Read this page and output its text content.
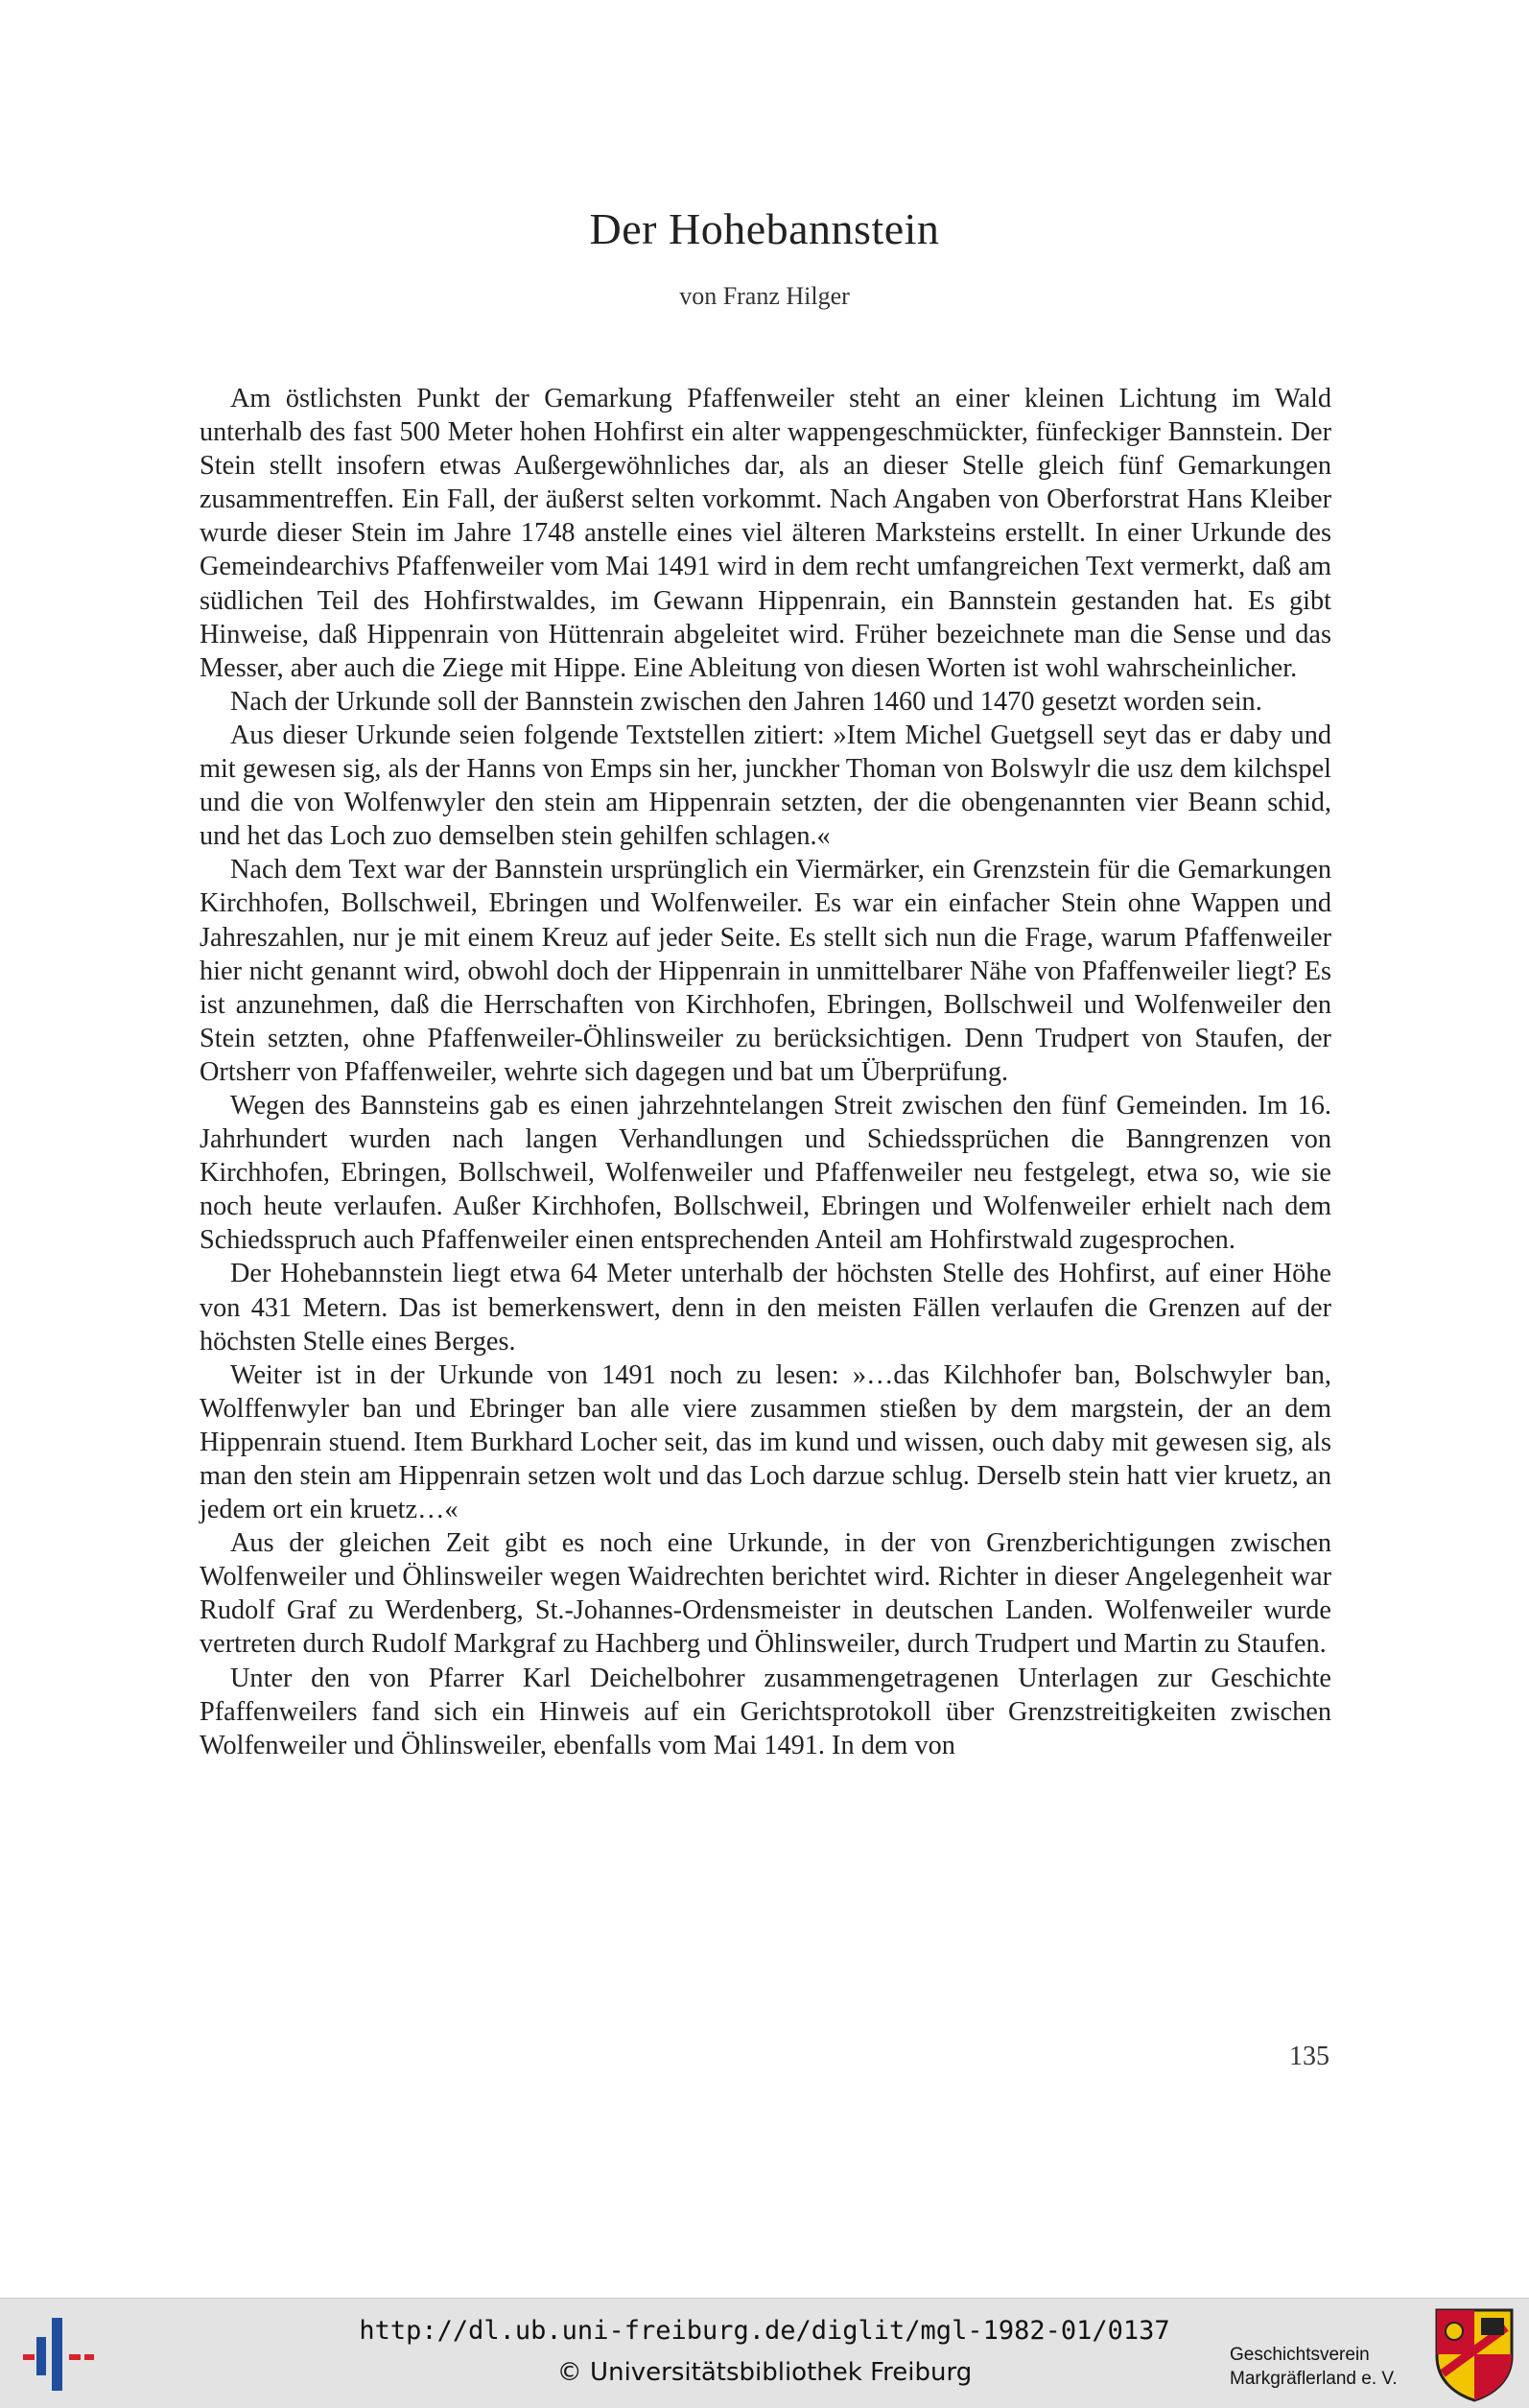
Der Hohebannstein
von Franz Hilger

Am östlichsten Punkt der Gemarkung Pfaffenweiler steht an einer kleinen Lichtung im Wald unterhalb des fast 500 Meter hohen Hohfirst ein alter wappengeschmückter, fünfeckiger Bannstein. Der Stein stellt insofern etwas Außergewöhnliches dar, als an dieser Stelle gleich fünf Gemarkungen zusammentreffen. Ein Fall, der äußerst selten vorkommt. Nach Angaben von Oberforstrat Hans Kleiber wurde dieser Stein im Jahre 1748 anstelle eines viel älteren Marksteins erstellt. In einer Urkunde des Gemeindearchivs Pfaffenweiler vom Mai 1491 wird in dem recht umfangreichen Text vermerkt, daß am südlichen Teil des Hohfirstwaldes, im Gewann Hippenrain, ein Bannstein gestanden hat. Es gibt Hinweise, daß Hippenrain von Hüttenrain abgeleitet wird. Früher bezeichnete man die Sense und das Messer, aber auch die Ziege mit Hippe. Eine Ableitung von diesen Worten ist wohl wahrscheinlicher.

Nach der Urkunde soll der Bannstein zwischen den Jahren 1460 und 1470 gesetzt worden sein.

Aus dieser Urkunde seien folgende Textstellen zitiert: »Item Michel Guetgsell seyt das er daby und mit gewesen sig, als der Hanns von Emps sin her, junckher Thoman von Bolswylr die usz dem kilchspel und die von Wolfenwyler den stein am Hippenrain setzten, der die obengenannten vier Beann schid, und het das Loch zuo demselben stein gehilfen schlagen.«

Nach dem Text war der Bannstein ursprünglich ein Viermärker, ein Grenzstein für die Gemarkungen Kirchhofen, Bollschweil, Ebringen und Wolfenweiler. Es war ein einfacher Stein ohne Wappen und Jahreszahlen, nur je mit einem Kreuz auf jeder Seite. Es stellt sich nun die Frage, warum Pfaffenweiler hier nicht genannt wird, obwohl doch der Hippenrain in unmittelbarer Nähe von Pfaffenweiler liegt? Es ist anzunehmen, daß die Herrschaften von Kirchhofen, Ebringen, Bollschweil und Wolfenweiler den Stein setzten, ohne Pfaffenweiler-Öhlinsweiler zu berücksichtigen. Denn Trudpert von Staufen, der Ortsherr von Pfaffenweiler, wehrte sich dagegen und bat um Überprüfung.

Wegen des Bannsteins gab es einen jahrzehntelangen Streit zwischen den fünf Gemeinden. Im 16. Jahrhundert wurden nach langen Verhandlungen und Schiedssprüchen die Banngrenzen von Kirchhofen, Ebringen, Bollschweil, Wolfenweiler und Pfaffenweiler neu festgelegt, etwa so, wie sie noch heute verlaufen. Außer Kirchhofen, Bollschweil, Ebringen und Wolfenweiler erhielt nach dem Schiedsspruch auch Pfaffenweiler einen entsprechenden Anteil am Hohfirstwald zugesprochen.

Der Hohebannstein liegt etwa 64 Meter unterhalb der höchsten Stelle des Hohfirst, auf einer Höhe von 431 Metern. Das ist bemerkenswert, denn in den meisten Fällen verlaufen die Grenzen auf der höchsten Stelle eines Berges.

Weiter ist in der Urkunde von 1491 noch zu lesen: »…das Kilchhofer ban, Bolschwyler ban, Wolffenwyler ban und Ebringer ban alle viere zusammen stießen by dem margstein, der an dem Hippenrain stuend. Item Burkhard Locher seit, das im kund und wissen, ouch daby mit gewesen sig, als man den stein am Hippenrain setzen wolt und das Loch darzue schlug. Derselb stein hatt vier kruetz, an jedem ort ein kruetz…«

Aus der gleichen Zeit gibt es noch eine Urkunde, in der von Grenzberichtigungen zwischen Wolfenweiler und Öhlinsweiler wegen Waidrechten berichtet wird. Richter in dieser Angelegenheit war Rudolf Graf zu Werdenberg, St.-Johannes-Ordensmeister in deutschen Landen. Wolfenweiler wurde vertreten durch Rudolf Markgraf zu Hachberg und Öhlinsweiler, durch Trudpert und Martin zu Staufen.

Unter den von Pfarrer Karl Deichelbohrer zusammengetragenen Unterlagen zur Geschichte Pfaffenweilers fand sich ein Hinweis auf ein Gerichtsprotokoll über Grenzstreitigkeiten zwischen Wolfenweiler und Öhlinsweiler, ebenfalls vom Mai 1491. In dem von

135
http://dl.ub.uni-freiburg.de/diglit/mgl-1982-01/0137
© Universitätsbibliothek Freiburg
Geschichtsverein
Markgräflerland e. V.
